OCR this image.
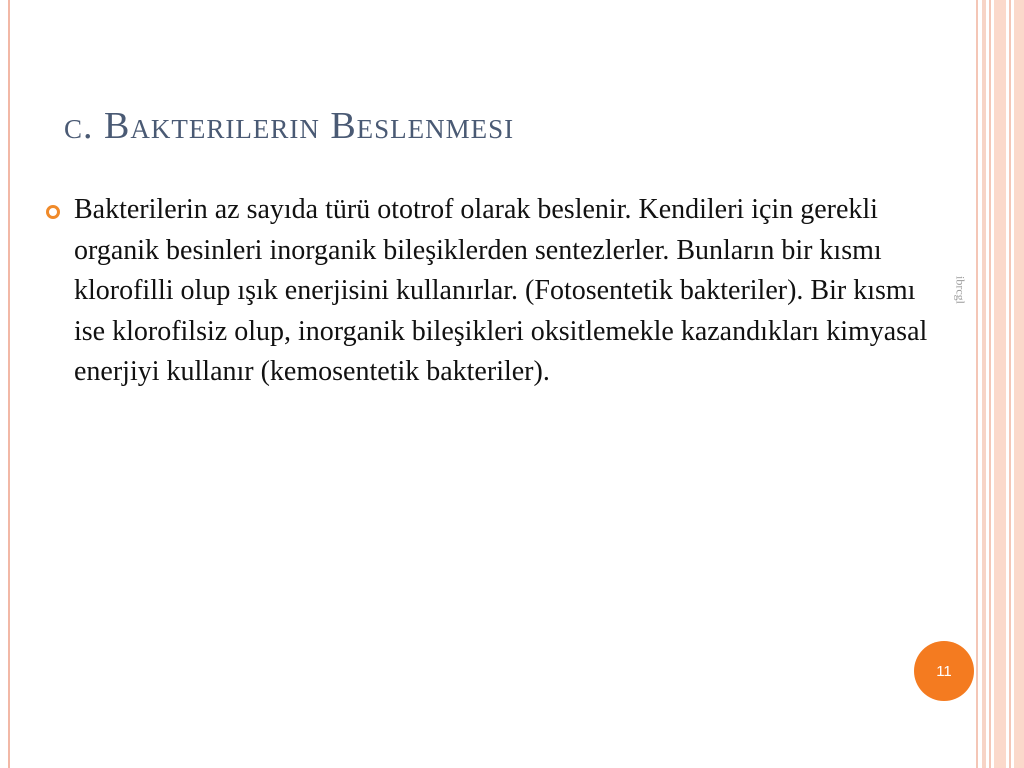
c. Bakterilerin Beslenmesi
Bakterilerin az sayıda türü ototrof olarak beslenir. Kendileri için gerekli organik besinleri inorganik bileşiklerden sentezlerler. Bunların bir kısmı klorofilli olup ışık enerjisini kullanırlar. (Fotosentetik bakteriler). Bir kısmı ise klorofilsiz olup, inorganik bileşikleri oksitlemekle kazandıkları kimyasal enerjiyi kullanır (kemosentetik bakteriler).
ibrcgl
11
